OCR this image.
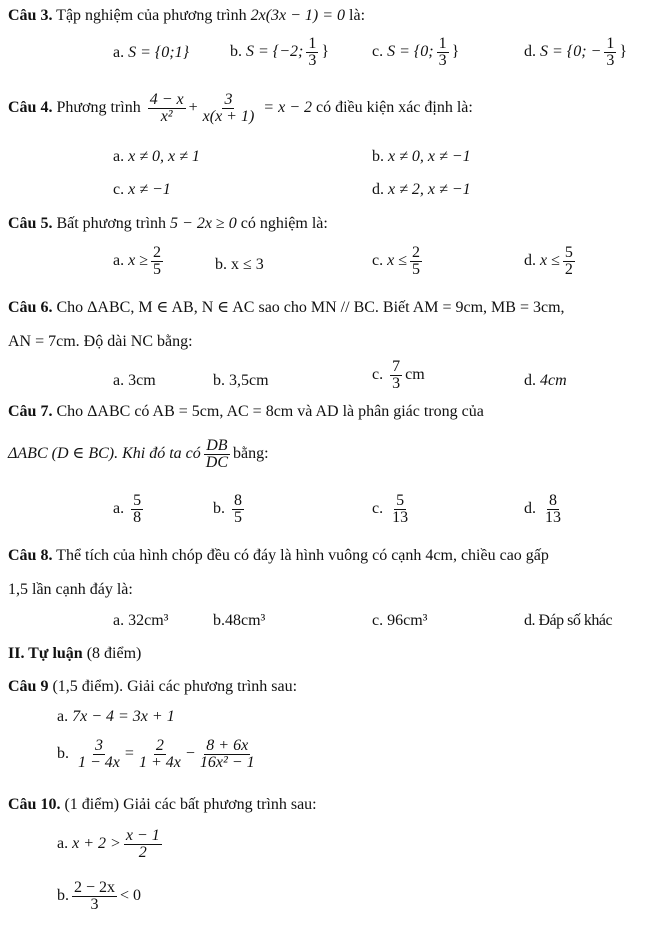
Câu 3. Tập nghiệm của phương trình 2x(3x − 1) = 0 là:
a. S = {0;1}	b. S = {−2; $\frac{1}{3}$ }	c. S = {0; $\frac{1}{3}$ }	d. S = {0; − $\frac{1}{3}$ }
Câu 4. Phương trình $\frac{4 - x}{\text{x²}} + \frac{3}{x(x + 1)} = x - 2$ có điều kiện xác định là:
a. x ≠ 0, x ≠ 1	b. x ≠ 0, x ≠ −1
c. x ≠ −1	d. x ≠ 2, x ≠ −1
Câu 5. Bất phương trình 5 − 2x ≥ 0 có nghiệm là:
a. $x \ge \frac{2}{5}$	b. x ≤ 3	c. $x \le \frac{2}{5}$	d. $x \le \frac{5}{2}$
Câu 6. Cho ΔABC, M ∈ AB, N ∈ AC sao cho MN // BC. Biết AM = 9cm, MB = 3cm,
AN = 7cm. Độ dài NC bằng:
a. 3cm	b. 3,5cm	c. $\frac{7}{3}$ cm	d. 4cm
Câu 7. Cho ΔABC có AB = 5cm, AC = 8cm và AD là phân giác trong của
ΔABC (D ∈ BC). Khi đó ta có $\frac{DB}{DC}$ bằng:
a. $\frac{5}{8}$	b. $\frac{8}{5}$	c. $\frac{5}{13}$	d. $\frac{8}{13}$
Câu 8. Thể tích của hình chóp đều có đáy là hình vuông có cạnh 4cm, chiều cao gấp
1,5 lần cạnh đáy là:
a. 32cm³	b.48cm³	c. 96cm³	d. Đáp số khác
II. Tự luận (8 điểm)
Câu 9 (1,5 điểm). Giải các phương trình sau:
a. 7x − 4 = 3x + 1
b. $\frac{3}{1 - 4x} = \frac{2}{1 + 4x} - \frac{8 + 6x}{\text{16x² − 1}}$
Câu 10. (1 điểm) Giải các bất phương trình sau:
a. $x + 2 > \frac{x - 1}{2}$
b. $\frac{2 - 2x}{3} < 0$
